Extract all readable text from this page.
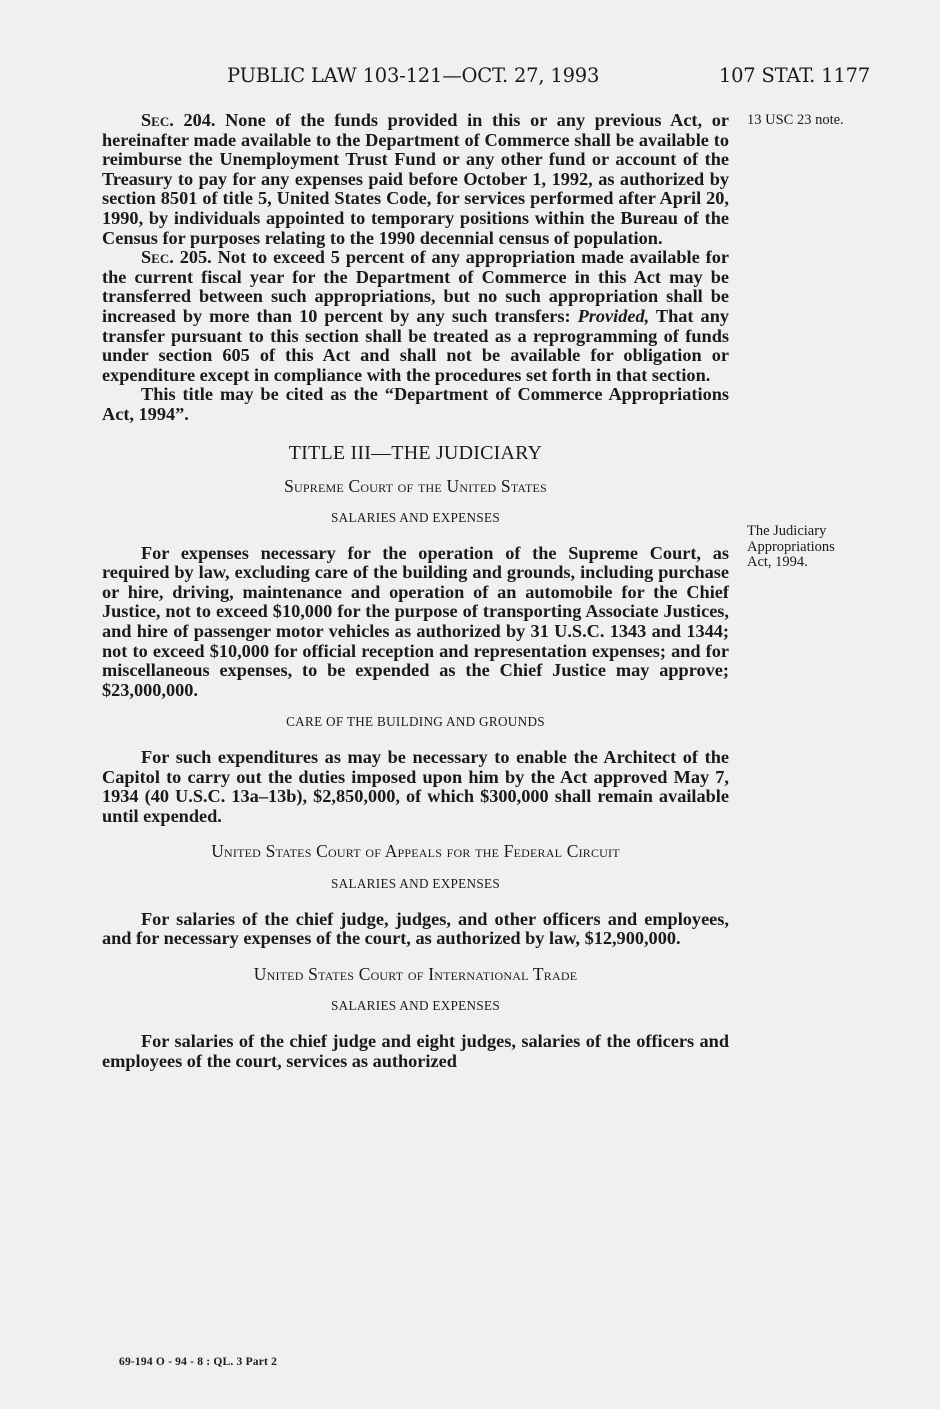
PUBLIC LAW 103-121—OCT. 27, 1993	107 STAT. 1177
13 USC 23 note.
The Judiciary
Appropriations
Act, 1994.

Sec. 204. None of the funds provided in this or any previous Act, or hereinafter made available to the Department of Commerce shall be available to reimburse the Unemployment Trust Fund or any other fund or account of the Treasury to pay for any expenses paid before October 1, 1992, as authorized by section 8501 of title 5, United States Code, for services performed after April 20, 1990, by individuals appointed to temporary positions within the Bureau of the Census for purposes relating to the 1990 decennial census of population.

Sec. 205. Not to exceed 5 percent of any appropriation made available for the current fiscal year for the Department of Commerce in this Act may be transferred between such appropriations, but no such appropriation shall be increased by more than 10 percent by any such transfers: Provided, That any transfer pursuant to this section shall be treated as a reprogramming of funds under section 605 of this Act and shall not be available for obligation or expenditure except in compliance with the procedures set forth in that section.

This title may be cited as the “Department of Commerce Appropriations Act, 1994”.

TITLE III—THE JUDICIARY
Supreme Court of the United States
SALARIES AND EXPENSES

For expenses necessary for the operation of the Supreme Court, as required by law, excluding care of the building and grounds, including purchase or hire, driving, maintenance and operation of an automobile for the Chief Justice, not to exceed $10,000 for the purpose of transporting Associate Justices, and hire of passenger motor vehicles as authorized by 31 U.S.C. 1343 and 1344; not to exceed $10,000 for official reception and representation expenses; and for miscellaneous expenses, to be expended as the Chief Justice may approve; $23,000,000.

CARE OF THE BUILDING AND GROUNDS

For such expenditures as may be necessary to enable the Architect of the Capitol to carry out the duties imposed upon him by the Act approved May 7, 1934 (40 U.S.C. 13a–13b), $2,850,000, of which $300,000 shall remain available until expended.

United States Court of Appeals for the Federal Circuit
SALARIES AND EXPENSES

For salaries of the chief judge, judges, and other officers and employees, and for necessary expenses of the court, as authorized by law, $12,900,000.

United States Court of International Trade
SALARIES AND EXPENSES

For salaries of the chief judge and eight judges, salaries of the officers and employees of the court, services as authorized

69-194 O - 94 - 8 : QL. 3 Part 2
